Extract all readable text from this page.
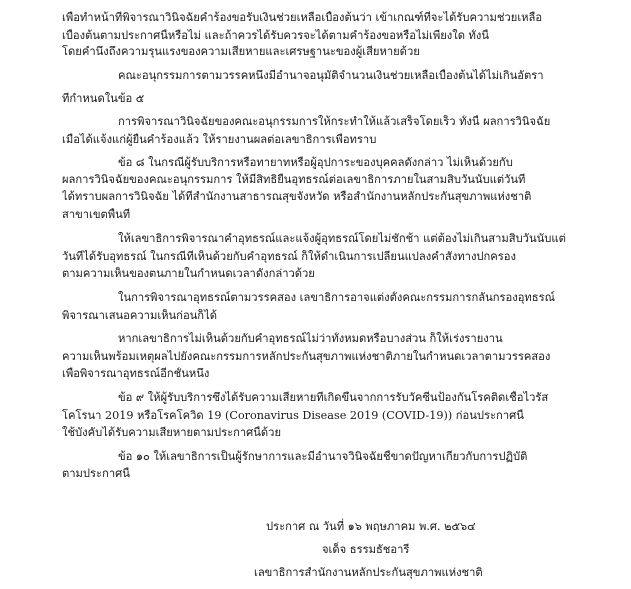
เพื่อทำหน้าที่พิจารณาวินิจฉัยคำร้องขอรับเงินช่วยเหลือเบื้องต้นว่า เข้าเกณฑ์ที่จะได้รับความช่วยเหลือ
เบื้องต้นตามประกาศนี้หรือไม่ และถ้าควรได้รับควรจะได้ตามคำร้องขอหรือไม่เพียงใด ทั้งนี้
โดยคำนึงถึงความรุนแรงของความเสียหายและเศรษฐานะของผู้เสียหายด้วย
คณะอนุกรรมการตามวรรคหนึ่งมีอำนาจอนุมัติจำนวนเงินช่วยเหลือเบื้องต้นได้ไม่เกินอัตรา
ที่กำหนดในข้อ ๕
การพิจารณาวินิจฉัยของคณะอนุกรรมการให้กระทำให้แล้วเสร็จโดยเร็ว ทั้งนี้ ผลการวินิจฉัย
เมื่อได้แจ้งแก่ผู้ยื่นคำร้องแล้ว ให้รายงานผลต่อเลขาธิการเพื่อทราบ
ข้อ ๘ ในกรณีผู้รับบริการหรือทายาทหรือผู้อุปการะของบุคคลดังกล่าว ไม่เห็นด้วยกับ
ผลการวินิจฉัยของคณะอนุกรรมการ ให้มีสิทธิยื่นอุทธรณ์ต่อเลขาธิการภายในสามสิบวันนับแต่วันที่
ได้ทราบผลการวินิจฉัย ได้ที่สำนักงานสาธารณสุขจังหวัด หรือสำนักงานหลักประกันสุขภาพแห่งชาติ
สาขาเขตพื้นที่
ให้เลขาธิการพิจารณาคำอุทธรณ์และแจ้งผู้อุทธรณ์โดยไม่ชักช้า แต่ต้องไม่เกินสามสิบวันนับแต่
วันที่ได้รับอุทธรณ์ ในกรณีที่เห็นด้วยกับคำอุทธรณ์ ก็ให้ดำเนินการเปลี่ยนแปลงคำสั่งทางปกครอง
ตามความเห็นของตนภายในกำหนดเวลาดังกล่าวด้วย
ในการพิจารณาอุทธรณ์ตามวรรคสอง เลขาธิการอาจแต่งตั้งคณะกรรมการกลั่นกรองอุทธรณ์
พิจารณาเสนอความเห็นก่อนก็ได้
หากเลขาธิการไม่เห็นด้วยกับคำอุทธรณ์ไม่ว่าทั้งหมดหรือบางส่วน ก็ให้เร่งรายงาน
ความเห็นพร้อมเหตุผลไปยังคณะกรรมการหลักประกันสุขภาพแห่งชาติภายในกำหนดเวลาตามวรรคสอง
เพื่อพิจารณาอุทธรณ์อีกชั้นหนึ่ง
ข้อ ๙ ให้ผู้รับบริการซึ่งได้รับความเสียหายที่เกิดขึ้นจากการรับวัคซีนป้องกันโรคติดเชื้อไวรัส
โคโรนา 2019 หรือโรคโควิด 19 (Coronavirus Disease 2019 (COVID-19)) ก่อนประกาศนี้
ใช้บังคับได้รับความเสียหายตามประกาศนี้ด้วย
ข้อ ๑๐ ให้เลขาธิการเป็นผู้รักษาการและมีอำนาจวินิจฉัยชี้ขาดปัญหาเกี่ยวกับการปฏิบัติ
ตามประกาศนี้
ประกาศ ณ วันที่ ๑๖ พฤษภาคม พ.ศ. ๒๕๖๔
จเด็จ ธรรมธัชอารี
เลขาธิการสำนักงานหลักประกันสุขภาพแห่งชาติ
